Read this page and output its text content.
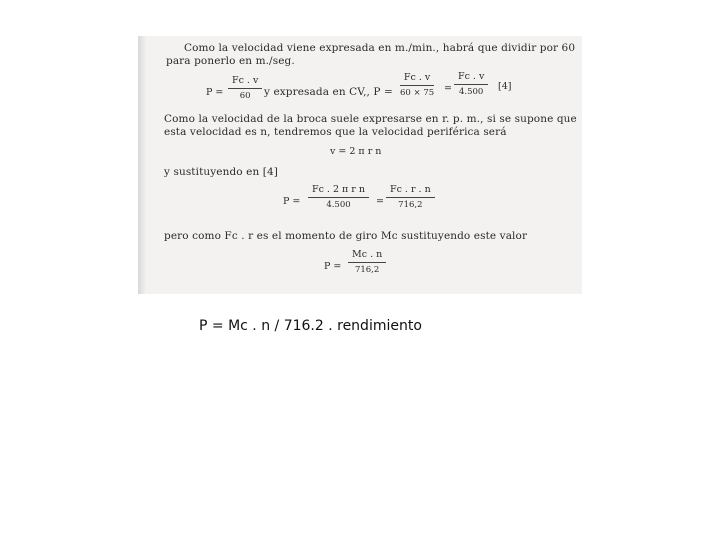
Como la velocidad viene expresada en m./min., habrá que dividir por 60
para ponerlo en m./seg.
$P = \frac{Fc . v}{60}$ y expresada en CV,, $P = \frac{Fc . v}{60 \times 75} = \frac{Fc . v}{4.500} [4]$
Como la velocidad de la broca suele expresarse en r. p. m., si se supone que
esta velocidad es n, tendremos que la velocidad periférica será
v = 2 π r n
y sustituyendo en [4]
$P = \frac{\text{Fc . 2 π r n}}{4.500} = \frac{Fc . r . n}{716,2}$
pero como Fc . r es el momento de giro Mc sustituyendo este valor
$P = \frac{Mc . n}{716,2}$
P = Mc . n / 716.2 . rendimiento
